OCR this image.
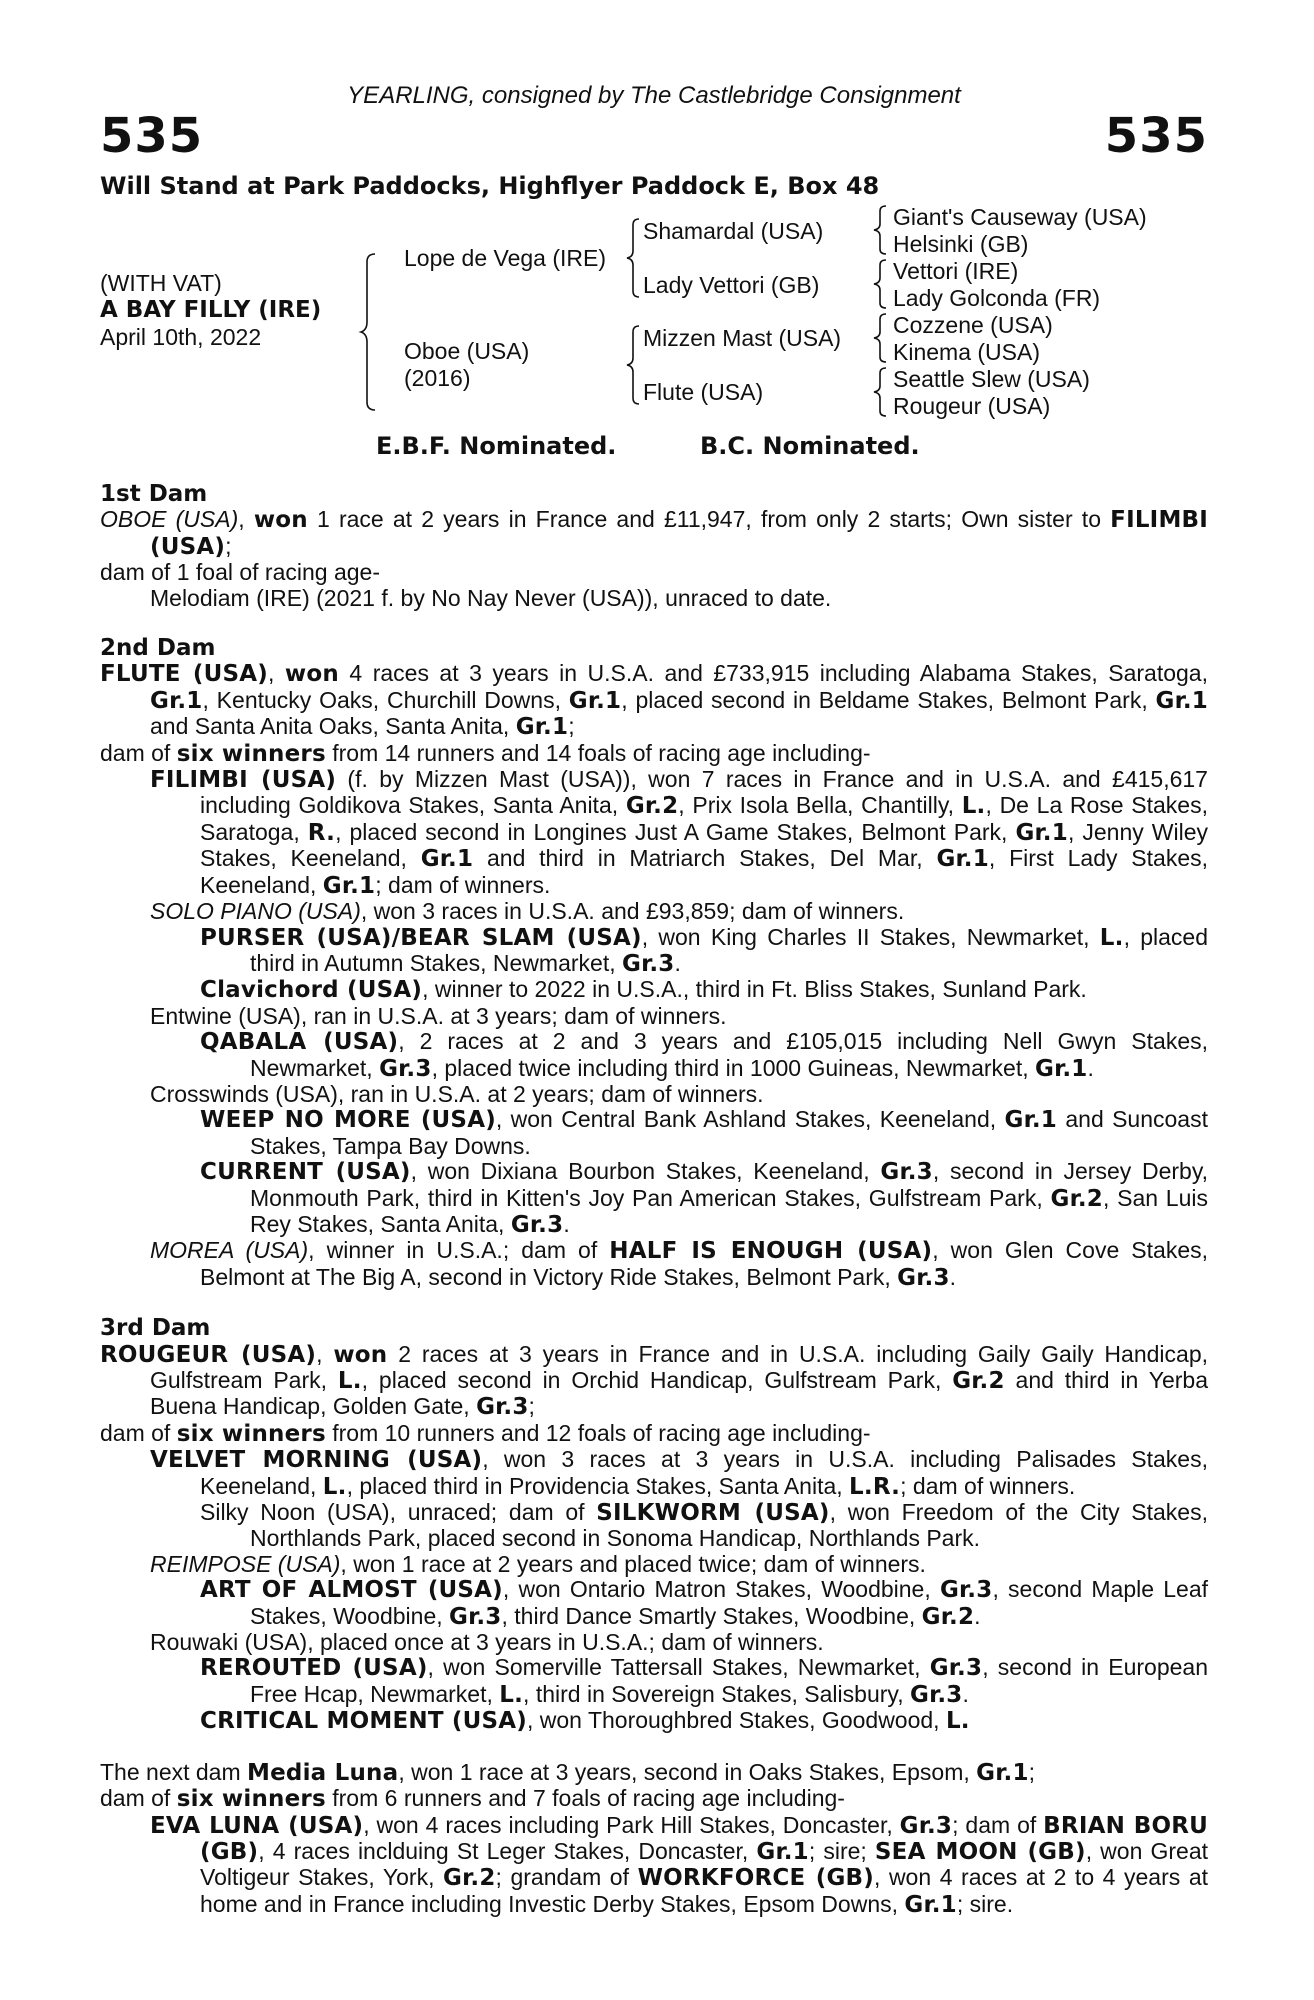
YEARLING, consigned by The Castlebridge Consignment
535	535
Will Stand at Park Paddocks, Highflyer Paddock E, Box 48
(WITH VAT)
A BAY FILLY (IRE)
April 10th, 2022
Lope de Vega (IRE)
Oboe (USA)
(2016)
Shamardal (USA)
Lady Vettori (GB)
Mizzen Mast (USA)
Flute (USA)
Giant's Causeway (USA)
Helsinki (GB)
Vettori (IRE)
Lady Golconda (FR)
Cozzene (USA)
Kinema (USA)
Seattle Slew (USA)
Rougeur (USA)
E.B.F. Nominated.	B.C. Nominated.
1st Dam
OBOE (USA), won 1 race at 2 years in France and £11,947, from only 2 starts; Own sister to FILIMBI (USA);
dam of 1 foal of racing age-
Melodiam (IRE) (2021 f. by No Nay Never (USA)), unraced to date.
2nd Dam
FLUTE (USA), won 4 races at 3 years in U.S.A. and £733,915 including Alabama Stakes, Saratoga, Gr.1, Kentucky Oaks, Churchill Downs, Gr.1, placed second in Beldame Stakes, Belmont Park, Gr.1 and Santa Anita Oaks, Santa Anita, Gr.1;
dam of six winners from 14 runners and 14 foals of racing age including-
FILIMBI (USA) (f. by Mizzen Mast (USA)), won 7 races in France and in U.S.A. and £415,617 including Goldikova Stakes, Santa Anita, Gr.2, Prix Isola Bella, Chantilly, L., De La Rose Stakes, Saratoga, R., placed second in Longines Just A Game Stakes, Belmont Park, Gr.1, Jenny Wiley Stakes, Keeneland, Gr.1 and third in Matriarch Stakes, Del Mar, Gr.1, First Lady Stakes, Keeneland, Gr.1; dam of winners.
SOLO PIANO (USA), won 3 races in U.S.A. and £93,859; dam of winners.
PURSER (USA)/BEAR SLAM (USA), won King Charles II Stakes, Newmarket, L., placed third in Autumn Stakes, Newmarket, Gr.3.
Clavichord (USA), winner to 2022 in U.S.A., third in Ft. Bliss Stakes, Sunland Park.
Entwine (USA), ran in U.S.A. at 3 years; dam of winners.
QABALA (USA), 2 races at 2 and 3 years and £105,015 including Nell Gwyn Stakes, Newmarket, Gr.3, placed twice including third in 1000 Guineas, Newmarket, Gr.1.
Crosswinds (USA), ran in U.S.A. at 2 years; dam of winners.
WEEP NO MORE (USA), won Central Bank Ashland Stakes, Keeneland, Gr.1 and Suncoast Stakes, Tampa Bay Downs.
CURRENT (USA), won Dixiana Bourbon Stakes, Keeneland, Gr.3, second in Jersey Derby, Monmouth Park, third in Kitten's Joy Pan American Stakes, Gulfstream Park, Gr.2, San Luis Rey Stakes, Santa Anita, Gr.3.
MOREA (USA), winner in U.S.A.; dam of HALF IS ENOUGH (USA), won Glen Cove Stakes, Belmont at The Big A, second in Victory Ride Stakes, Belmont Park, Gr.3.
3rd Dam
ROUGEUR (USA), won 2 races at 3 years in France and in U.S.A. including Gaily Gaily Handicap, Gulfstream Park, L., placed second in Orchid Handicap, Gulfstream Park, Gr.2 and third in Yerba Buena Handicap, Golden Gate, Gr.3;
dam of six winners from 10 runners and 12 foals of racing age including-
VELVET MORNING (USA), won 3 races at 3 years in U.S.A. including Palisades Stakes, Keeneland, L., placed third in Providencia Stakes, Santa Anita, L.R.; dam of winners.
Silky Noon (USA), unraced; dam of SILKWORM (USA), won Freedom of the City Stakes, Northlands Park, placed second in Sonoma Handicap, Northlands Park.
REIMPOSE (USA), won 1 race at 2 years and placed twice; dam of winners.
ART OF ALMOST (USA), won Ontario Matron Stakes, Woodbine, Gr.3, second Maple Leaf Stakes, Woodbine, Gr.3, third Dance Smartly Stakes, Woodbine, Gr.2.
Rouwaki (USA), placed once at 3 years in U.S.A.; dam of winners.
REROUTED (USA), won Somerville Tattersall Stakes, Newmarket, Gr.3, second in European Free Hcap, Newmarket, L., third in Sovereign Stakes, Salisbury, Gr.3.
CRITICAL MOMENT (USA), won Thoroughbred Stakes, Goodwood, L.
The next dam Media Luna, won 1 race at 3 years, second in Oaks Stakes, Epsom, Gr.1;
dam of six winners from 6 runners and 7 foals of racing age including-
EVA LUNA (USA), won 4 races including Park Hill Stakes, Doncaster, Gr.3; dam of BRIAN BORU (GB), 4 races inclduing St Leger Stakes, Doncaster, Gr.1; sire; SEA MOON (GB), won Great Voltigeur Stakes, York, Gr.2; grandam of WORKFORCE (GB), won 4 races at 2 to 4 years at home and in France including Investic Derby Stakes, Epsom Downs, Gr.1; sire.
